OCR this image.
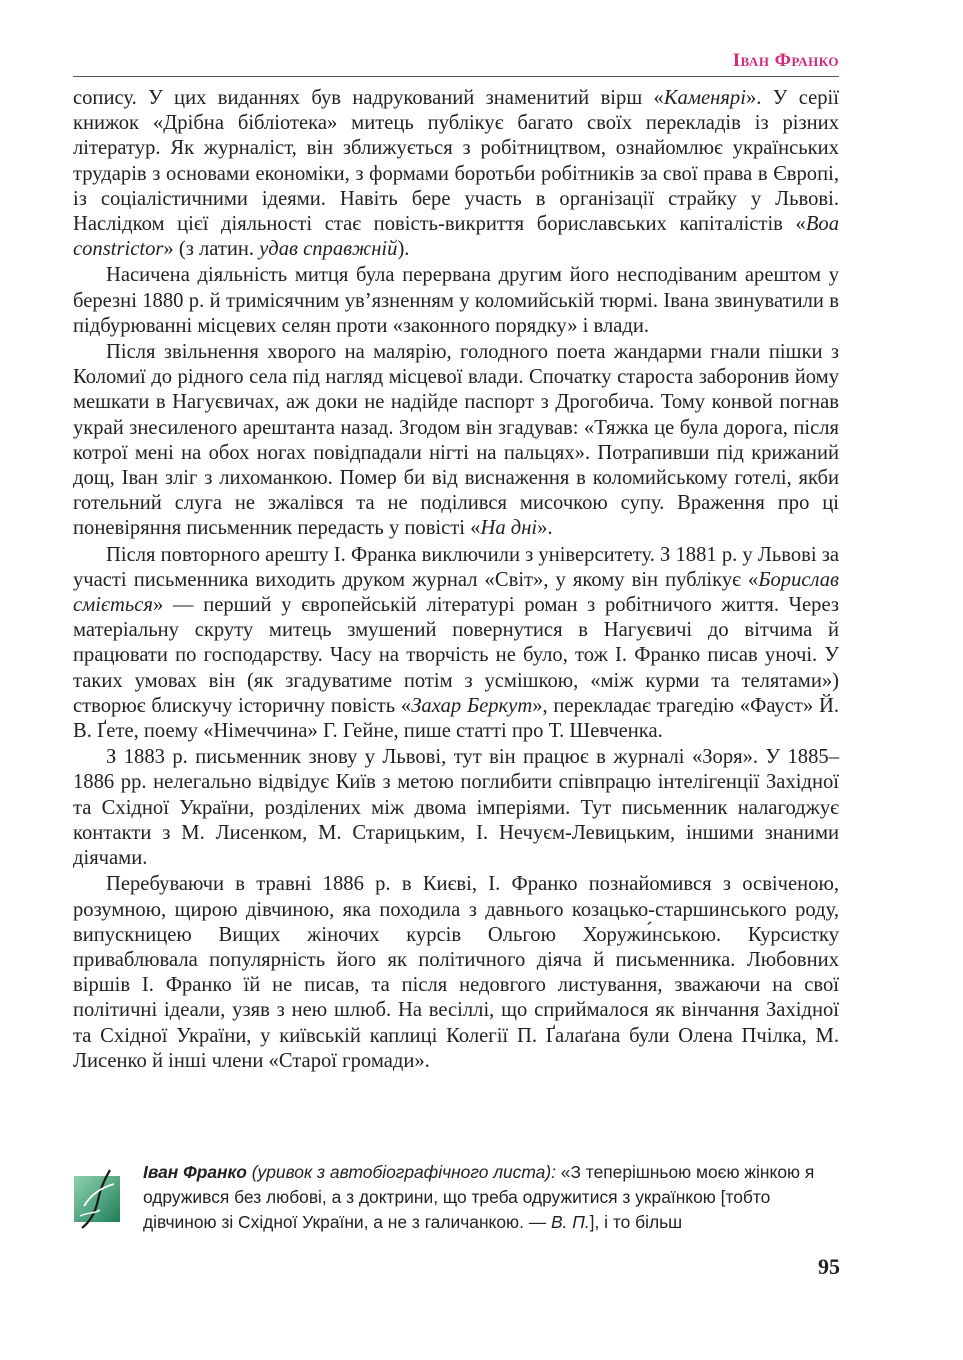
Іван Франко

сопису. У цих виданнях був надрукований знаменитий вірш «Каменярі». У серії книжок «Дрібна бібліотека» митець публікує багато своїх перекладів із різних літератур. Як журналіст, він зближується з робітництвом, ознайомлює українських трударів з основами економіки, з формами боротьби робітників за свої права в Європі, із соціалістичними ідеями. Навіть бере участь в організації страйку у Львові. Наслідком цієї діяльності стає повість-викриття бориславських капіталістів «Boa constrictor» (з латин. удав справжній).

Насичена діяльність митця була перервана другим його несподіваним арештом у березні 1880 р. й тримісячним ув’язненням у коломийській тюрмі. Івана звинуватили в підбурюванні місцевих селян проти «законного порядку» і влади.

Після звільнення хворого на малярію, голодного поета жандарми гнали пішки з Коломиї до рідного села під нагляд місцевої влади. Спочатку староста заборонив йому мешкати в Нагуєвичах, аж доки не надійде паспорт з Дрогобича. Тому конвой погнав украй знесиленого арештанта назад. Згодом він згадував: «Тяжка це була дорога, після котрої мені на обох ногах повідпадали нігті на пальцях». Потрапивши під крижаний дощ, Іван зліг з лихоманкою. Помер би від виснаження в коломийському готелі, якби готельний слуга не зжалівся та не поділився мисочкою супу. Враження про ці поневіряння письменник передасть у повісті «На дні».

Після повторного арешту І. Франка виключили з університету. З 1881 р. у Львові за участі письменника виходить друком журнал «Світ», у якому він публікує «Борислав сміється» — перший у європейській літературі роман з робітничого життя. Через матеріальну скруту митець змушений повернутися в Нагуєвичі до вітчима й працювати по господарству. Часу на творчість не було, тож І. Франко писав уночі. У таких умовах він (як згадуватиме потім з усмішкою, «між курми та телятами») створює блискучу історичну повість «Захар Беркут», перекладає трагедію «Фауст» Й. В. Ґете, поему «Німеччина» Г. Гейне, пише статті про Т. Шевченка.

З 1883 р. письменник знову у Львові, тут він працює в журналі «Зоря». У 1885–1886 рр. нелегально відвідує Київ з метою поглибити співпрацю інтелігенції Західної та Східної України, розділених між двома імперіями. Тут письменник налагоджує контакти з М. Лисенком, М. Старицьким, І. Нечуєм-Левицьким, іншими знаними діячами.

Перебуваючи в травні 1886 р. в Києві, І. Франко познайомився з освіченою, розумною, щирою дівчиною, яка походила з давнього козацько-старшинського роду, випускницею Вищих жіночих курсів Ольгою Хоружи́нською. Курсистку приваблювала популярність його як політичного діяча й письменника. Любовних віршів І. Франко їй не писав, та після недовгого листування, зважаючи на свої політичні ідеали, узяв з нею шлюб. На весіллі, що сприймалося як вінчання Західної та Східної України, у київській каплиці Колегії П. Ґалаґана були Олена Пчілка, М. Лисенко й інші члени «Старої громади».

Іван Франко (уривок з автобіографічного листа): «З теперішньою моєю жінкою я одружився без любові, а з доктрини, що треба одружитися з українкою [тобто дівчиною зі Східної України, а не з галичанкою. — В. П.], і то більш
95
